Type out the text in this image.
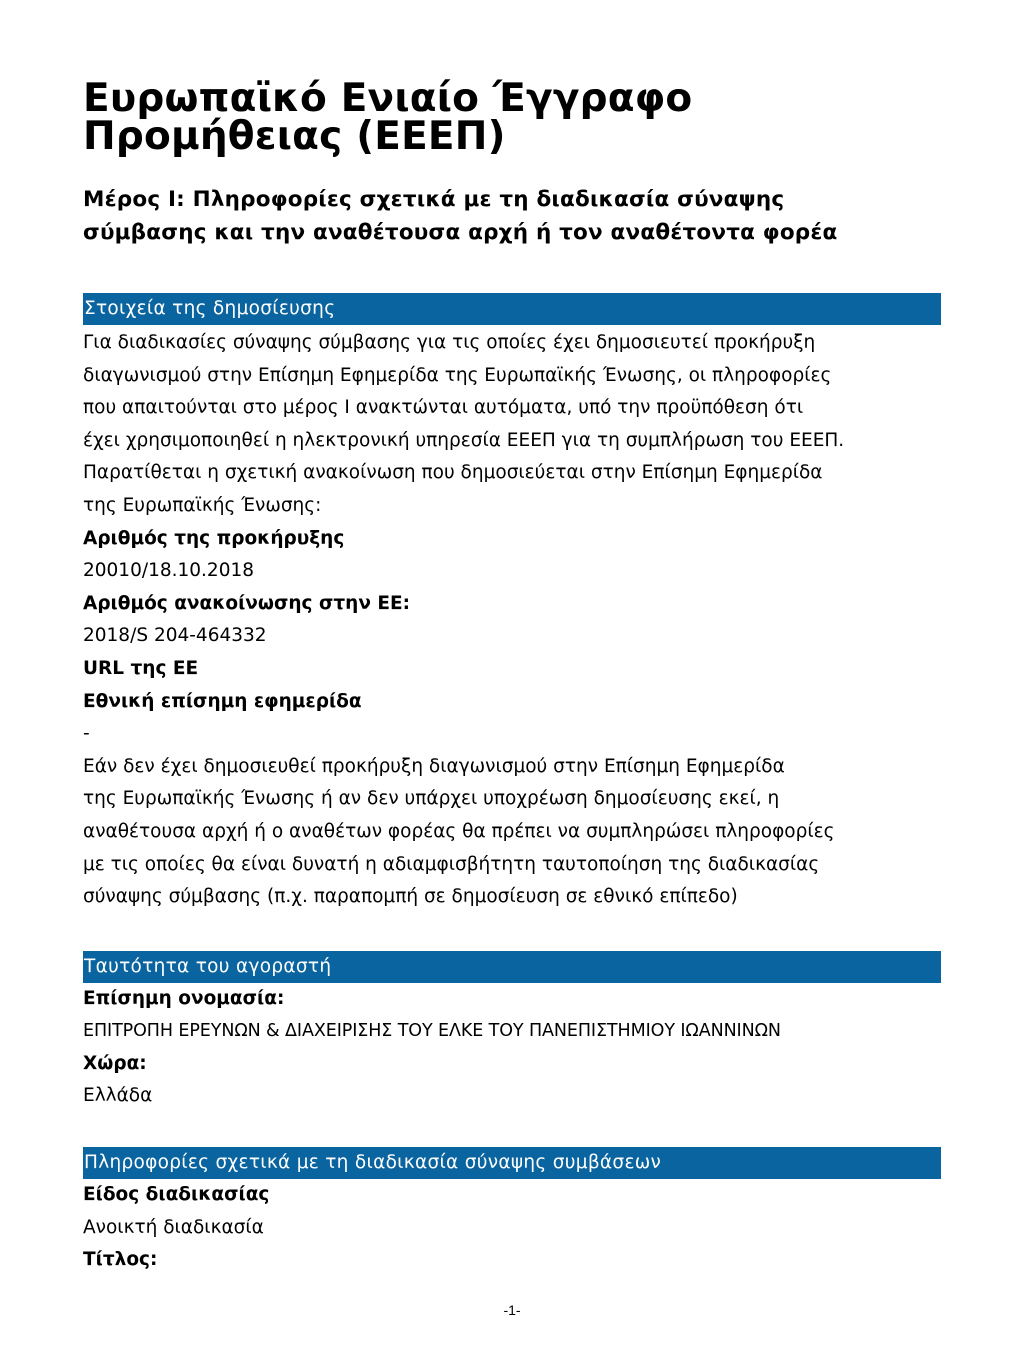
Ευρωπαϊκό Ενιαίο Έγγραφο
Προμήθειας (ΕΕΕΠ)
Μέρος I: Πληροφορίες σχετικά με τη διαδικασία σύναψης
σύμβασης και την αναθέτουσα αρχή ή τον αναθέτοντα φορέα
Στοιχεία της δημοσίευσης
Για διαδικασίες σύναψης σύμβασης για τις οποίες έχει δημοσιευτεί προκήρυξη
διαγωνισμού στην Επίσημη Εφημερίδα της Ευρωπαϊκής Ένωσης, οι πληροφορίες
που απαιτούνται στο μέρος I ανακτώνται αυτόματα, υπό την προϋπόθεση ότι
έχει χρησιμοποιηθεί η ηλεκτρονική υπηρεσία ΕΕΕΠ για τη συμπλήρωση του ΕΕΕΠ.
Παρατίθεται η σχετική ανακοίνωση που δημοσιεύεται στην Επίσημη Εφημερίδα
της Ευρωπαϊκής Ένωσης:
Αριθμός της προκήρυξης
20010/18.10.2018
Αριθμός ανακοίνωσης στην ΕΕ:
2018/S 204-464332
URL της ΕΕ
Εθνική επίσημη εφημερίδα
-
Εάν δεν έχει δημοσιευθεί προκήρυξη διαγωνισμού στην Επίσημη Εφημερίδα
της Ευρωπαϊκής Ένωσης ή αν δεν υπάρχει υποχρέωση δημοσίευσης εκεί, η
αναθέτουσα αρχή ή ο αναθέτων φορέας θα πρέπει να συμπληρώσει πληροφορίες
με τις οποίες θα είναι δυνατή η αδιαμφισβήτητη ταυτοποίηση της διαδικασίας
σύναψης σύμβασης (π.χ. παραπομπή σε δημοσίευση σε εθνικό επίπεδο)
Ταυτότητα του αγοραστή
Επίσημη ονομασία:
ΕΠΙΤΡΟΠΗ ΕΡΕΥΝΩΝ & ΔΙΑΧΕΙΡΙΣΗΣ ΤΟΥ ΕΛΚΕ ΤΟΥ ΠΑΝΕΠΙΣΤΗΜΙΟΥ ΙΩΑΝΝΙΝΩΝ
Χώρα:
Ελλάδα
Πληροφορίες σχετικά με τη διαδικασία σύναψης συμβάσεων
Είδος διαδικασίας
Ανοικτή διαδικασία
Τίτλος:
-1-
